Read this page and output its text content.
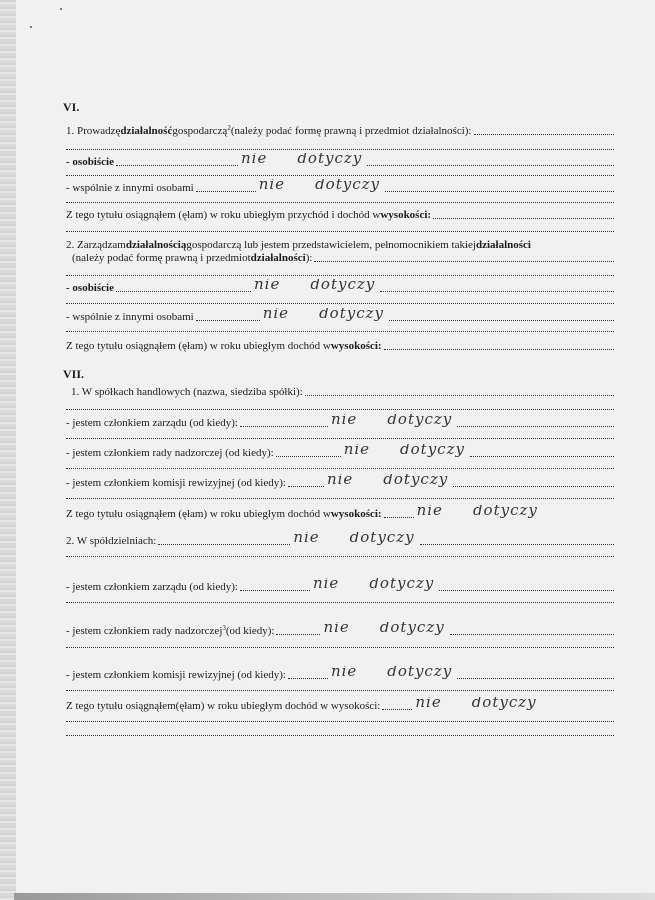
VI.
1. Prowadzę działalność gospodarczą $^2$ (należy podać formę prawną i przedmiot działalności):
- osobiście	nie dotyczy
- wspólnie z innymi osobami	nie dotyczy
Z tego tytułu osiągnąłem (ęłam) w roku ubiegłym przychód i dochód w wysokości:
2. Zarządzam działalnością gospodarczą lub jestem przedstawicielem, pełnomocnikiem takiej działalności
(należy podać formę prawną i przedmiot działalności ):
- osobiście	nie dotyczy
- wspólnie z innymi osobami	nie dotyczy
Z tego tytułu osiągnąłem (ęłam) w roku ubiegłym dochód w wysokości:
VII.
1. W spółkach handlowych (nazwa, siedziba spółki):
- jestem członkiem zarządu (od kiedy):	nie dotyczy
- jestem członkiem rady nadzorczej (od kiedy):	nie dotyczy
- jestem członkiem komisji rewizyjnej (od kiedy):	nie dotyczy
Z tego tytułu osiągnąłem (ęłam) w roku ubiegłym dochód w wysokości: nie dotyczy
2. W spółdzielniach:	nie dotyczy
- jestem członkiem zarządu (od kiedy):	nie dotyczy
- jestem członkiem rady nadzorczej $^3$ (od kiedy):	nie dotyczy
- jestem członkiem komisji rewizyjnej (od kiedy):	nie dotyczy
Z tego tytułu osiągnąłem(ęłam) w roku ubiegłym dochód w wysokości: nie dotyczy
